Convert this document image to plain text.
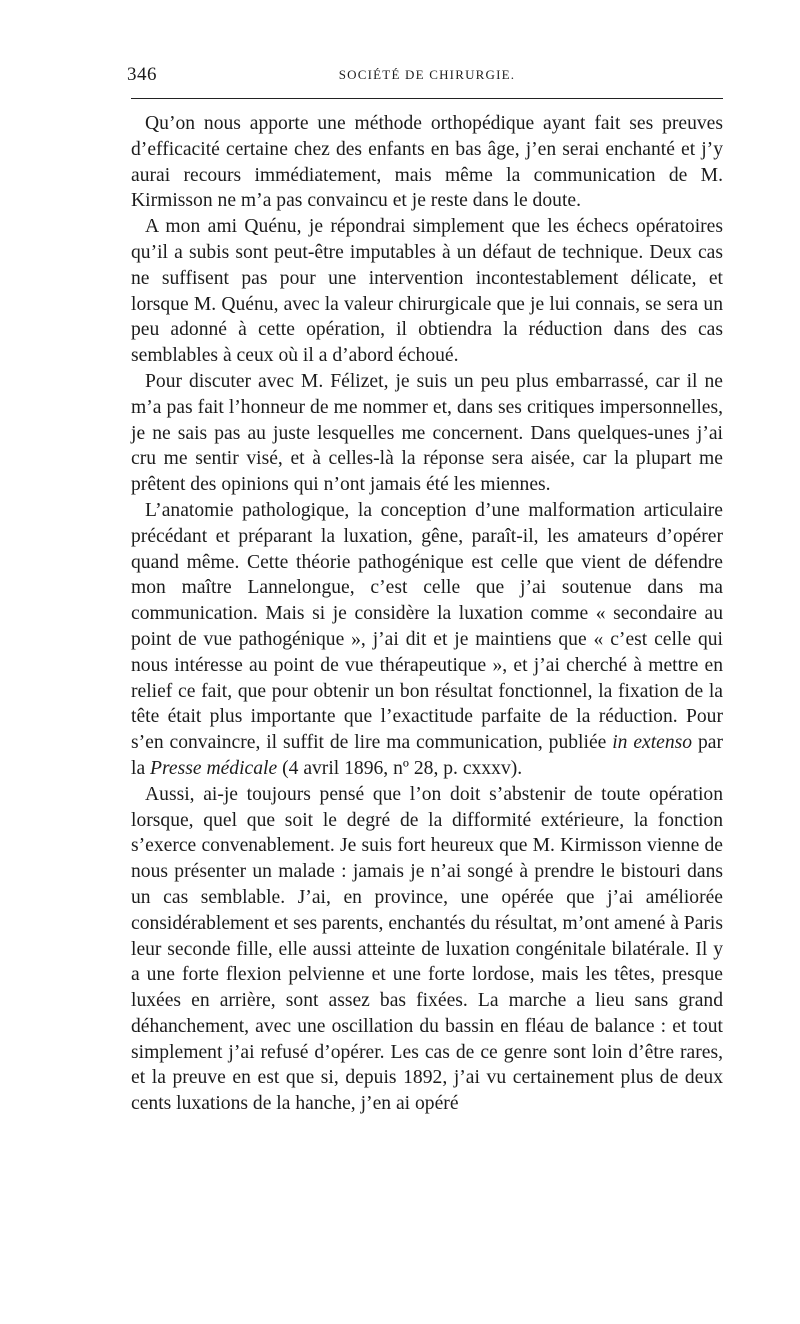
346	SOCIÉTÉ DE CHIRURGIE.

Qu’on nous apporte une méthode orthopédique ayant fait ses preuves d’efficacité certaine chez des enfants en bas âge, j’en serai enchanté et j’y aurai recours immédiatement, mais même la communication de M. Kirmisson ne m’a pas convaincu et je reste dans le doute.

A mon ami Quénu, je répondrai simplement que les échecs opératoires qu’il a subis sont peut-être imputables à un défaut de technique. Deux cas ne suffisent pas pour une intervention incontestablement délicate, et lorsque M. Quénu, avec la valeur chirurgicale que je lui connais, se sera un peu adonné à cette opération, il obtiendra la réduction dans des cas semblables à ceux où il a d’abord échoué.

Pour discuter avec M. Félizet, je suis un peu plus embarrassé, car il ne m’a pas fait l’honneur de me nommer et, dans ses critiques impersonnelles, je ne sais pas au juste lesquelles me concernent. Dans quelques-unes j’ai cru me sentir visé, et à celles-là la réponse sera aisée, car la plupart me prêtent des opinions qui n’ont jamais été les miennes.

L’anatomie pathologique, la conception d’une malformation articulaire précédant et préparant la luxation, gêne, paraît-il, les amateurs d’opérer quand même. Cette théorie pathogénique est celle que vient de défendre mon maître Lannelongue, c’est celle que j’ai soutenue dans ma communication. Mais si je considère la luxation comme « secondaire au point de vue pathogénique », j’ai dit et je maintiens que « c’est celle qui nous intéresse au point de vue thérapeutique », et j’ai cherché à mettre en relief ce fait, que pour obtenir un bon résultat fonctionnel, la fixation de la tête était plus importante que l’exactitude parfaite de la réduction. Pour s’en convaincre, il suffit de lire ma communication, publiée in extenso par la Presse médicale (4 avril 1896, nº 28, p. cxxxv).

Aussi, ai-je toujours pensé que l’on doit s’abstenir de toute opération lorsque, quel que soit le degré de la difformité extérieure, la fonction s’exerce convenablement. Je suis fort heureux que M. Kirmisson vienne de nous présenter un malade : jamais je n’ai songé à prendre le bistouri dans un cas semblable. J’ai, en province, une opérée que j’ai améliorée considérablement et ses parents, enchantés du résultat, m’ont amené à Paris leur seconde fille, elle aussi atteinte de luxation congénitale bilatérale. Il y a une forte flexion pelvienne et une forte lordose, mais les têtes, presque luxées en arrière, sont assez bas fixées. La marche a lieu sans grand déhanchement, avec une oscillation du bassin en fléau de balance : et tout simplement j’ai refusé d’opérer. Les cas de ce genre sont loin d’être rares, et la preuve en est que si, depuis 1892, j’ai vu certainement plus de deux cents luxations de la hanche, j’en ai opéré
